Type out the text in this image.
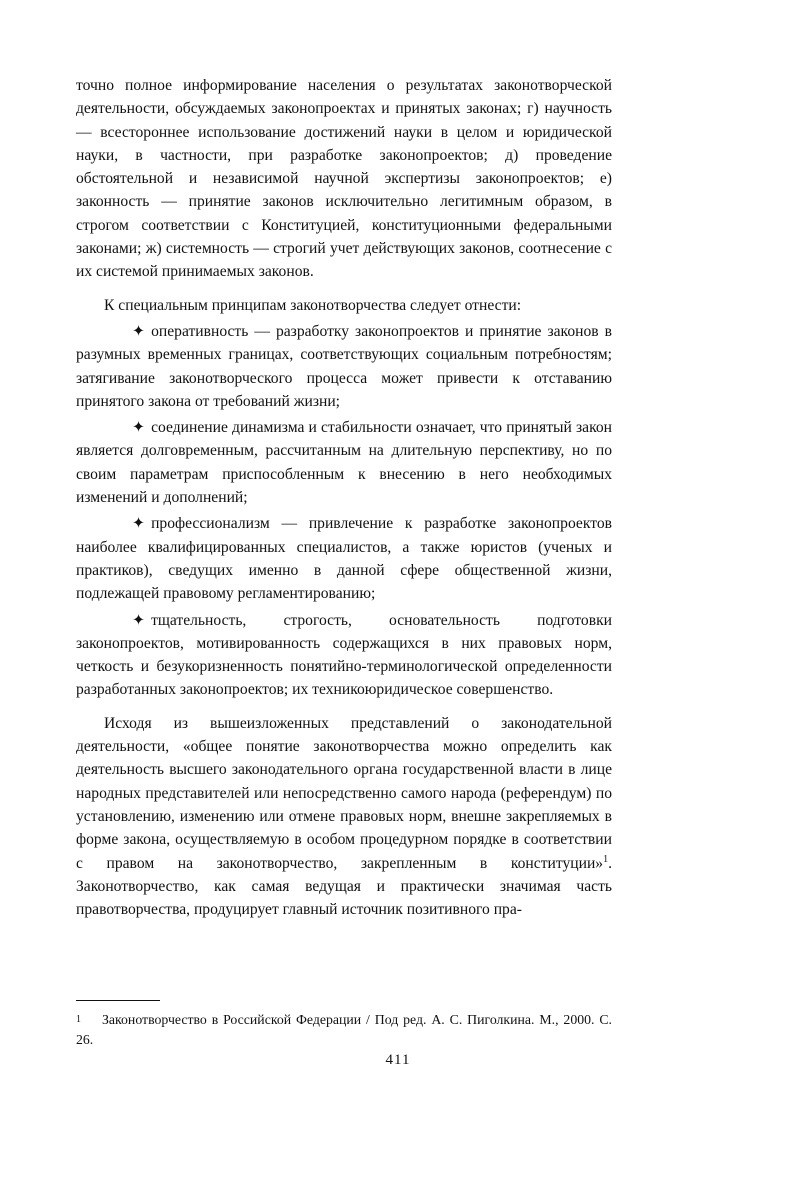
точно полное информирование населения о результатах законотворческой деятельности, обсуждаемых законопроектах и принятых законах; г) научность — всестороннее использование достижений науки в целом и юридической науки, в частности, при разработке законопроектов; д) проведение обстоятельной и независимой научной экспертизы законопроектов; е) законность — принятие законов исключительно легитимным образом, в строгом соответствии с Конституцией, конституционными федеральными законами; ж) системность — строгий учет действующих законов, соотнесение с их системой принимаемых законов.

К специальным принципам законотворчества следует отнести:

✦ оперативность — разработку законопроектов и принятие законов в разумных временных границах, соответствующих социальным потребностям; затягивание законотворческого процесса может привести к отставанию принятого закона от требований жизни;

✦ соединение динамизма и стабильности означает, что принятый закон является долговременным, рассчитанным на длительную перспективу, но по своим параметрам приспособленным к внесению в него необходимых изменений и дополнений;

✦ профессионализм — привлечение к разработке законопроектов наиболее квалифицированных специалистов, а также юристов (ученых и практиков), сведущих именно в данной сфере общественной жизни, подлежащей правовому регламентированию;

✦ тщательность, строгость, основательность подготовки законопроектов, мотивированность содержащихся в них правовых норм, четкость и безукоризненность понятийно-терминологической определенности разработанных законопроектов; их техникоюридическое совершенство.

Исходя из вышеизложенных представлений о законодательной деятельности, «общее понятие законотворчества можно определить как деятельность высшего законодательного органа государственной власти в лице народных представителей или непосредственно самого народа (референдум) по установлению, изменению или отмене правовых норм, внешне закрепляемых в форме закона, осуществляемую в особом процедурном порядке в соответствии с правом на законотворчество, закрепленным в конституции»$^1$. Законотворчество, как самая ведущая и практически значимая часть правотворчества, продуцирует главный источник позитивного пра-

1 Законотворчество в Российской Федерации / Под ред. А. С. Пиголкина. М., 2000. С. 26.
411
